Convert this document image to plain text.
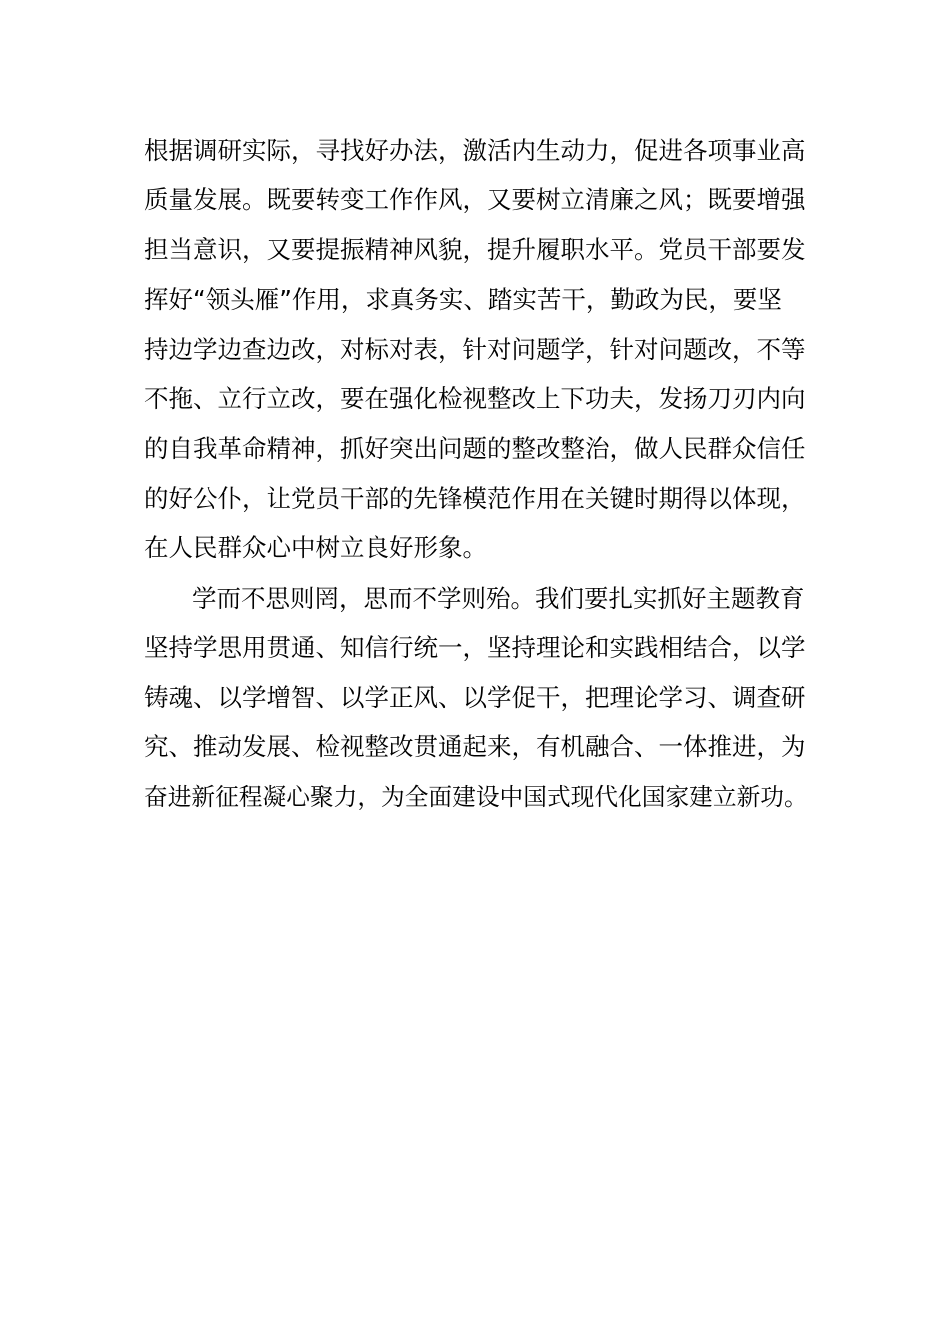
根据调研实际，寻找好办法，激活内生动力，促进各项事业高
质量发展。既要转变工作作风，又要树立清廉之风；既要增强
担当意识，又要提振精神风貌，提升履职水平。党员干部要发
挥好“领头雁”作用，求真务实、踏实苦干，勤政为民，要坚
持边学边查边改，对标对表，针对问题学，针对问题改，不等
不拖、立行立改，要在强化检视整改上下功夫，发扬刀刃内向
的自我革命精神，抓好突出问题的整改整治，做人民群众信任
的好公仆，让党员干部的先锋模范作用在关键时期得以体现，
在人民群众心中树立良好形象。
学而不思则罔，思而不学则殆。我们要扎实抓好主题教育
坚持学思用贯通、知信行统一，坚持理论和实践相结合，以学
铸魂、以学增智、以学正风、以学促干，把理论学习、调查研
究、推动发展、检视整改贯通起来，有机融合、一体推进，为
奋进新征程凝心聚力，为全面建设中国式现代化国家建立新功。
